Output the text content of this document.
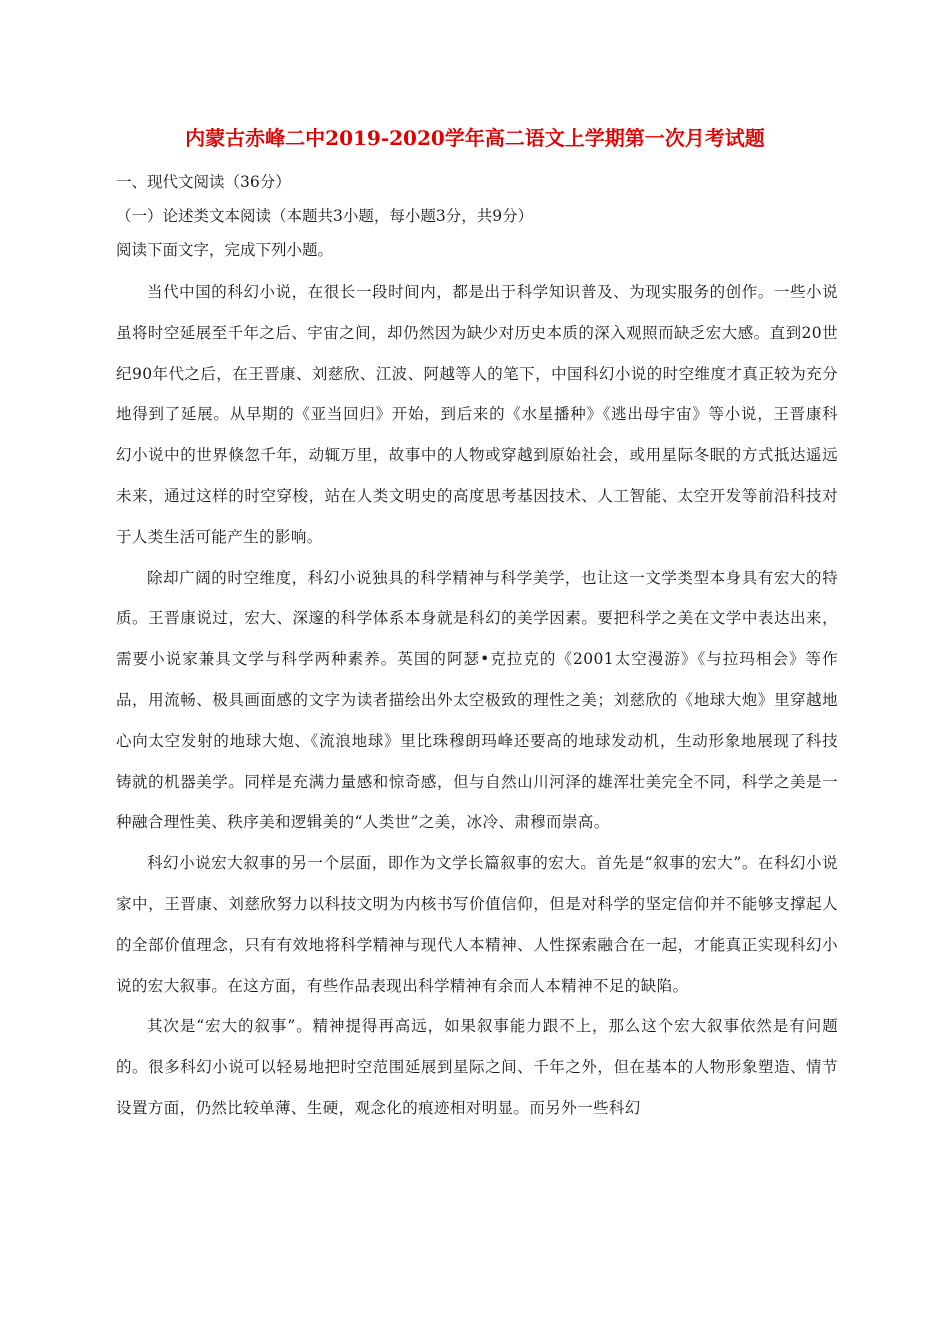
内蒙古赤峰二中2019-2020学年高二语文上学期第一次月考试题
一、现代文阅读（36分）
（一）论述类文本阅读（本题共3小题，每小题3分，共9分）
阅读下面文字，完成下列小题。

当代中国的科幻小说，在很长一段时间内，都是出于科学知识普及、为现实服务的创作。一些小说虽将时空延展至千年之后、宇宙之间，却仍然因为缺少对历史本质的深入观照而缺乏宏大感。直到20世纪90年代之后，在王晋康、刘慈欣、江波、阿越等人的笔下，中国科幻小说的时空维度才真正较为充分地得到了延展。从早期的《亚当回归》开始，到后来的《水星播种》《逃出母宇宙》等小说，王晋康科幻小说中的世界倏忽千年，动辄万里，故事中的人物或穿越到原始社会，或用星际冬眠的方式抵达遥远未来，通过这样的时空穿梭，站在人类文明史的高度思考基因技术、人工智能、太空开发等前沿科技对于人类生活可能产生的影响。

除却广阔的时空维度，科幻小说独具的科学精神与科学美学，也让这一文学类型本身具有宏大的特质。王晋康说过，宏大、深邃的科学体系本身就是科幻的美学因素。要把科学之美在文学中表达出来，需要小说家兼具文学与科学两种素养。英国的阿瑟•克拉克的《2001太空漫游》《与拉玛相会》等作品，用流畅、极具画面感的文字为读者描绘出外太空极致的理性之美；刘慈欣的《地球大炮》里穿越地心向太空发射的地球大炮、《流浪地球》里比珠穆朗玛峰还要高的地球发动机，生动形象地展现了科技铸就的机器美学。同样是充满力量感和惊奇感，但与自然山川河泽的雄浑壮美完全不同，科学之美是一种融合理性美、秩序美和逻辑美的“人类世”之美，冰冷、肃穆而崇高。

科幻小说宏大叙事的另一个层面，即作为文学长篇叙事的宏大。首先是“叙事的宏大”。在科幻小说家中，王晋康、刘慈欣努力以科技文明为内核书写价值信仰，但是对科学的坚定信仰并不能够支撑起人的全部价值理念，只有有效地将科学精神与现代人本精神、人性探索融合在一起，才能真正实现科幻小说的宏大叙事。在这方面，有些作品表现出科学精神有余而人本精神不足的缺陷。

其次是“宏大的叙事”。精神提得再高远，如果叙事能力跟不上，那么这个宏大叙事依然是有问题的。很多科幻小说可以轻易地把时空范围延展到星际之间、千年之外，但在基本的人物形象塑造、情节设置方面，仍然比较单薄、生硬，观念化的痕迹相对明显。而另外一些科幻
